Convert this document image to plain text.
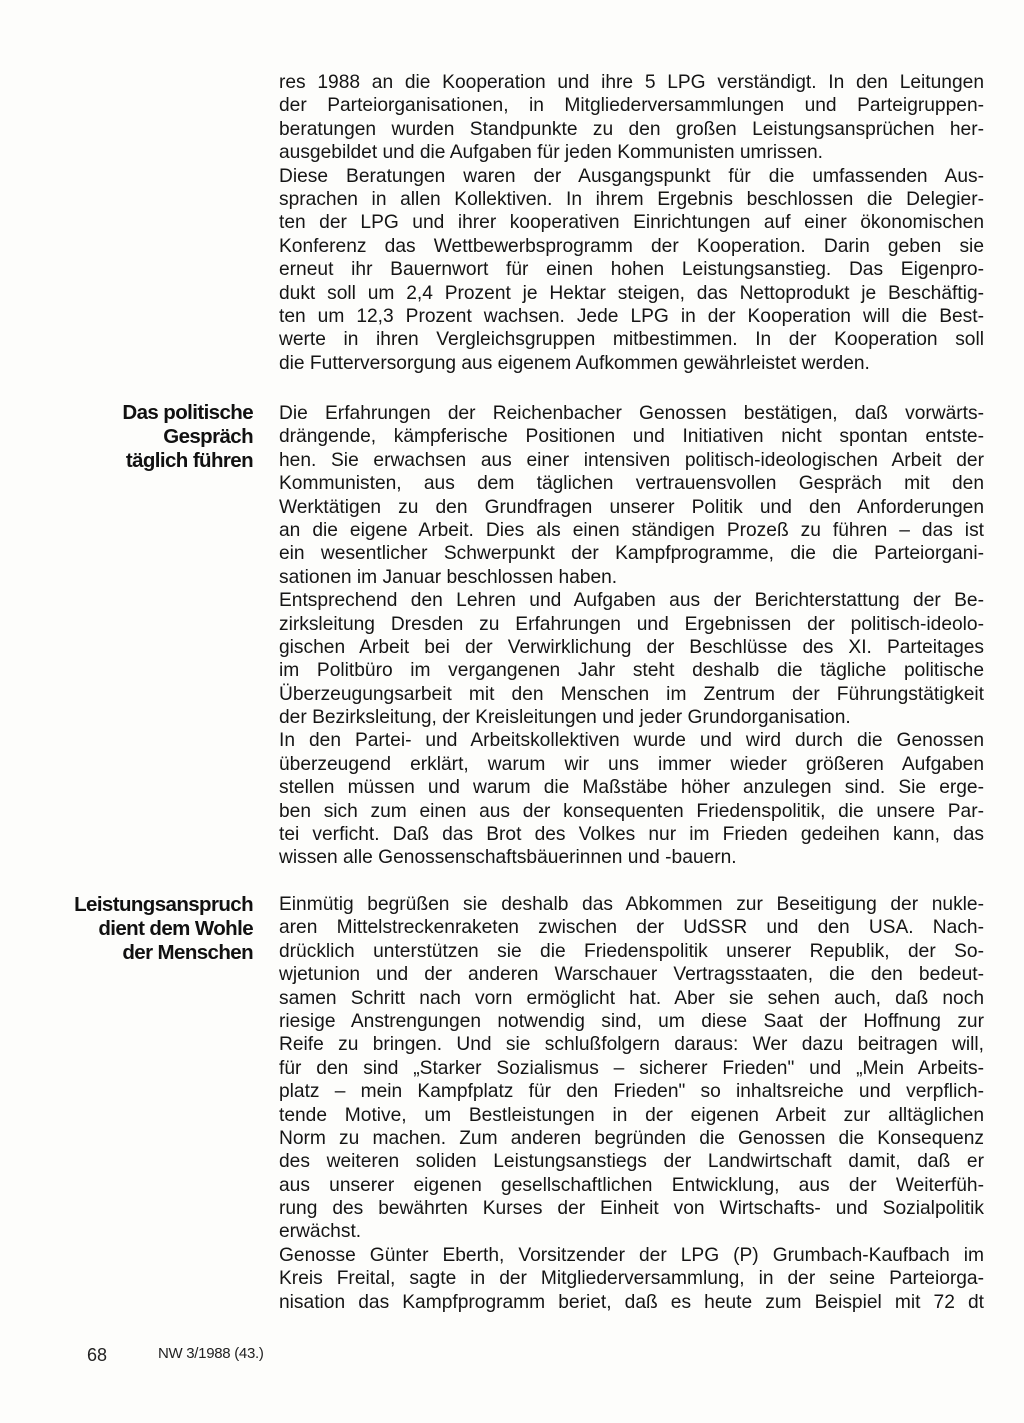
res 1988 an die Kooperation und ihre 5 LPG verständigt. In den Leitungen
der Parteiorganisationen, in Mitgliederversammlungen und Parteigruppen-
beratungen wurden Standpunkte zu den großen Leistungsansprüchen her-
ausgebildet und die Aufgaben für jeden Kommunisten umrissen.
Diese Beratungen waren der Ausgangspunkt für die umfassenden Aus-
sprachen in allen Kollektiven. In ihrem Ergebnis beschlossen die Delegier-
ten der LPG und ihrer kooperativen Einrichtungen auf einer ökonomischen
Konferenz das Wettbewerbsprogramm der Kooperation. Darin geben sie
erneut ihr Bauernwort für einen hohen Leistungsanstieg. Das Eigenpro-
dukt soll um 2,4 Prozent je Hektar steigen, das Nettoprodukt je Beschäftig-
ten um 12,3 Prozent wachsen. Jede LPG in der Kooperation will die Best-
werte in ihren Vergleichsgruppen mitbestimmen. In der Kooperation soll
die Futterversorgung aus eigenem Aufkommen gewährleistet werden.
Das politische
Gespräch
täglich führen
Die Erfahrungen der Reichenbacher Genossen bestätigen, daß vorwärts-
drängende, kämpferische Positionen und Initiativen nicht spontan entste-
hen. Sie erwachsen aus einer intensiven politisch-ideologischen Arbeit der
Kommunisten, aus dem täglichen vertrauensvollen Gespräch mit den
Werktätigen zu den Grundfragen unserer Politik und den Anforderungen
an die eigene Arbeit. Dies als einen ständigen Prozeß zu führen – das ist
ein wesentlicher Schwerpunkt der Kampfprogramme, die die Parteiorgani-
sationen im Januar beschlossen haben.
Entsprechend den Lehren und Aufgaben aus der Berichterstattung der Be-
zirksleitung Dresden zu Erfahrungen und Ergebnissen der politisch-ideolo-
gischen Arbeit bei der Verwirklichung der Beschlüsse des XI. Parteitages
im Politbüro im vergangenen Jahr steht deshalb die tägliche politische
Überzeugungsarbeit mit den Menschen im Zentrum der Führungstätigkeit
der Bezirksleitung, der Kreisleitungen und jeder Grundorganisation.
In den Partei- und Arbeitskollektiven wurde und wird durch die Genossen
überzeugend erklärt, warum wir uns immer wieder größeren Aufgaben
stellen müssen und warum die Maßstäbe höher anzulegen sind. Sie erge-
ben sich zum einen aus der konsequenten Friedenspolitik, die unsere Par-
tei verficht. Daß das Brot des Volkes nur im Frieden gedeihen kann, das
wissen alle Genossenschaftsbäuerinnen und -bauern.
Leistungsanspruch
dient dem Wohle
der Menschen
Einmütig begrüßen sie deshalb das Abkommen zur Beseitigung der nukle-
aren Mittelstreckenraketen zwischen der UdSSR und den USA. Nach-
drücklich unterstützen sie die Friedenspolitik unserer Republik, der So-
wjetunion und der anderen Warschauer Vertragsstaaten, die den bedeut-
samen Schritt nach vorn ermöglicht hat. Aber sie sehen auch, daß noch
riesige Anstrengungen notwendig sind, um diese Saat der Hoffnung zur
Reife zu bringen. Und sie schlußfolgern daraus: Wer dazu beitragen will,
für den sind „Starker Sozialismus – sicherer Frieden" und „Mein Arbeits-
platz – mein Kampfplatz für den Frieden" so inhaltsreiche und verpflich-
tende Motive, um Bestleistungen in der eigenen Arbeit zur alltäglichen
Norm zu machen. Zum anderen begründen die Genossen die Konsequenz
des weiteren soliden Leistungsanstiegs der Landwirtschaft damit, daß er
aus unserer eigenen gesellschaftlichen Entwicklung, aus der Weiterfüh-
rung des bewährten Kurses der Einheit von Wirtschafts- und Sozialpolitik
erwächst.
Genosse Günter Eberth, Vorsitzender der LPG (P) Grumbach-Kaufbach im
Kreis Freital, sagte in der Mitgliederversammlung, in der seine Parteiorga-
nisation das Kampfprogramm beriet, daß es heute zum Beispiel mit 72 dt
68	NW 3/1988 (43.)
